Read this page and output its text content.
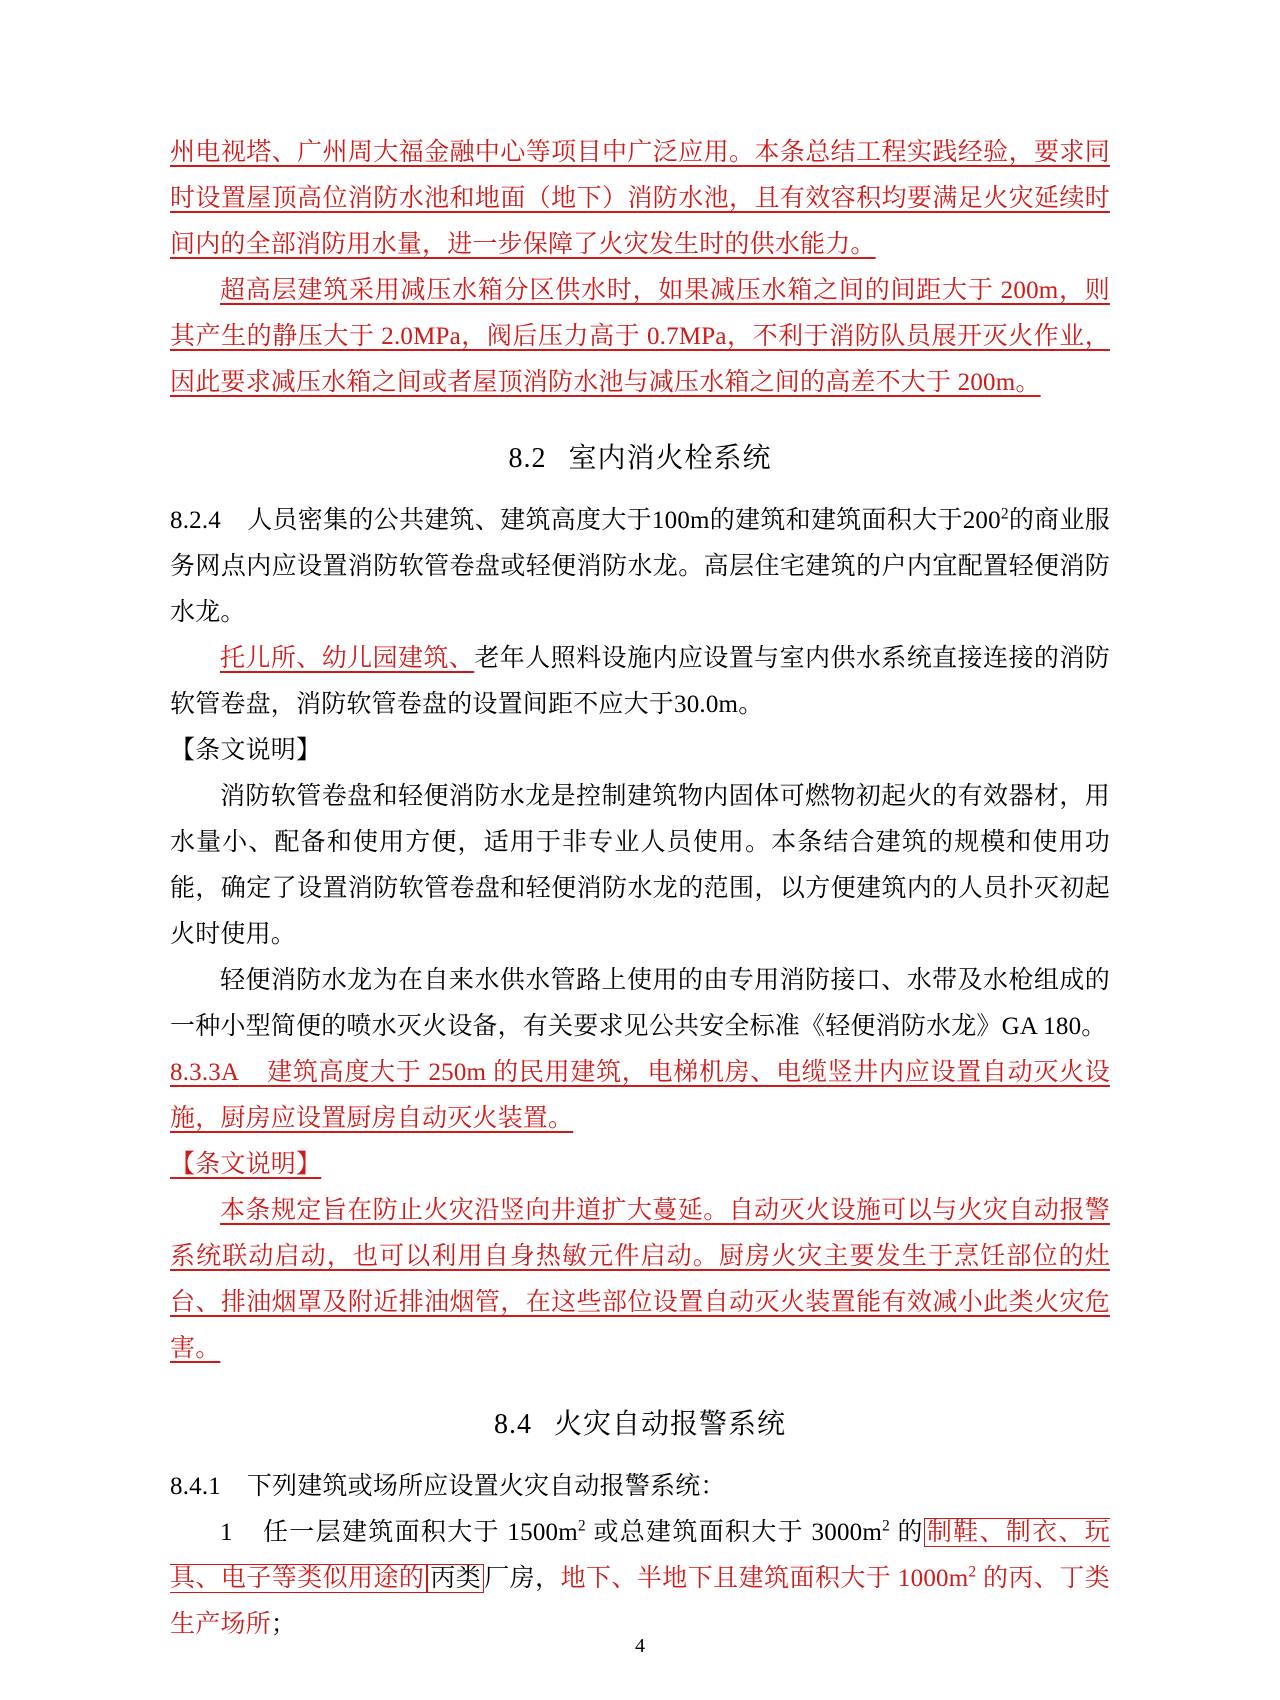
州电视塔、广州周大福金融中心等项目中广泛应用。本条总结工程实践经验，要求同时设置屋顶高位消防水池和地面（地下）消防水池，且有效容积均要满足火灾延续时间内的全部消防用水量，进一步保障了火灾发生时的供水能力。

超高层建筑采用减压水箱分区供水时，如果减压水箱之间的间距大于 200m，则其产生的静压大于 2.0MPa，阀后压力高于 0.7MPa，不利于消防队员展开灭火作业，因此要求减压水箱之间或者屋顶消防水池与减压水箱之间的高差不大于 200m。

8.2 室内消火栓系统

8.2.4 人员密集的公共建筑、建筑高度大于100m的建筑和建筑面积大于$200^2$的商业服务网点内应设置消防软管卷盘或轻便消防水龙。高层住宅建筑的户内宜配置轻便消防水龙。

托儿所、幼儿园建筑、老年人照料设施内应设置与室内供水系统直接连接的消防软管卷盘，消防软管卷盘的设置间距不应大于30.0m。

【条文说明】

消防软管卷盘和轻便消防水龙是控制建筑物内固体可燃物初起火的有效器材，用水量小、配备和使用方便，适用于非专业人员使用。本条结合建筑的规模和使用功能，确定了设置消防软管卷盘和轻便消防水龙的范围，以方便建筑内的人员扑灭初起火时使用。

轻便消防水龙为在自来水供水管路上使用的由专用消防接口、水带及水枪组成的一种小型简便的喷水灭火设备，有关要求见公共安全标准《轻便消防水龙》GA 180。

8.3.3A 建筑高度大于 250m 的民用建筑，电梯机房、电缆竖井内应设置自动灭火设施，厨房应设置厨房自动灭火装置。

【条文说明】

本条规定旨在防止火灾沿竖向井道扩大蔓延。自动灭火设施可以与火灾自动报警系统联动启动，也可以利用自身热敏元件启动。厨房火灾主要发生于烹饪部位的灶台、排油烟罩及附近排油烟管，在这些部位设置自动灭火装置能有效减小此类火灾危害。

8.4 火灾自动报警系统

8.4.1 下列建筑或场所应设置火灾自动报警系统：

1 任一层建筑面积大于 $1500m^2$ 或总建筑面积大于 $3000m^2$ 的 制鞋、制衣、玩具、电子等类似用途的 丙类 厂房，地下、半地下且建筑面积大于 $1000m^2$ 的丙、丁类生产场所；

4
